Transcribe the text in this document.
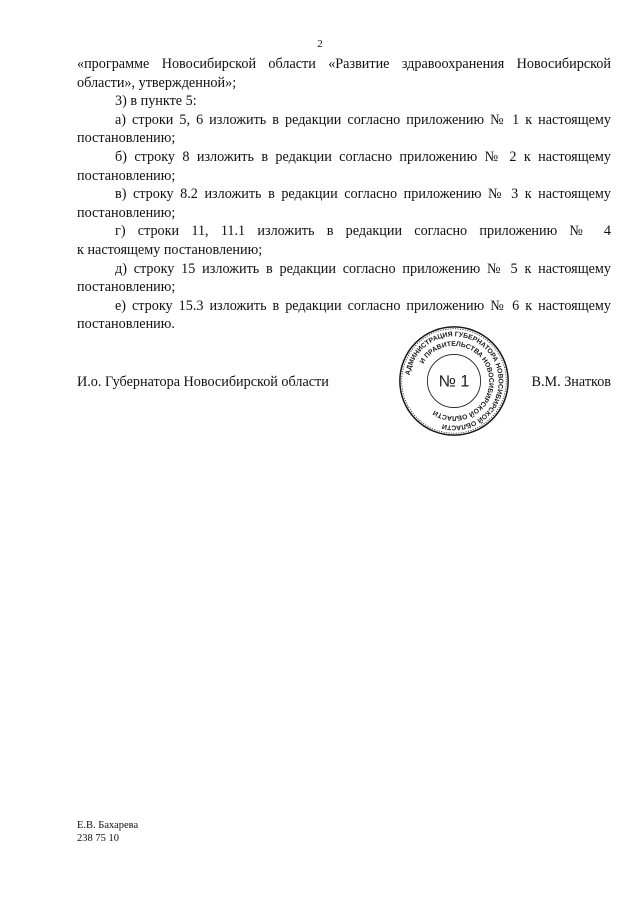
2

«программе Новосибирской области «Развитие здравоохранения Новосибирской
области», утвержденной»;

3) в пункте 5:

а) строки 5, 6 изложить в редакции согласно приложению № 1 к настоящему
постановлению;

б) строку 8 изложить в редакции согласно приложению № 2 к настоящему
постановлению;

в) строку 8.2 изложить в редакции согласно приложению № 3 к настоящему
постановлению;

г) строки 11, 11.1 изложить в редакции согласно приложению № 4
к настоящему постановлению;

д) строку 15 изложить в редакции согласно приложению № 5 к настоящему
постановлению;

е) строку 15.3 изложить в редакции согласно приложению № 6 к настоящему
постановлению.

И.о. Губернатора Новосибирской области	В.М. Знатков
АДМИНИСТРАЦИЯ ГУБЕРНАТОРА НОВОСИБИРСКОЙ ОБЛАСТИ
И ПРАВИТЕЛЬСТВА НОВОСИБИРСКОЙ ОБЛАСТИ
№ 1
Е.В. Бахарева
238 75 10
